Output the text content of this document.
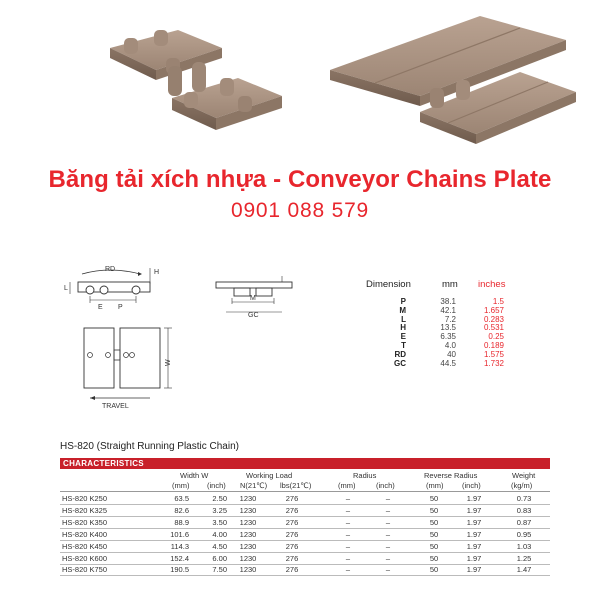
Băng tải xích nhựa - Conveyor Chains Plate
0901 088 579
RD	H
L
E P
M
GC
W
TRAVEL
Dimension	mm inches
P	38.1	1.5
M	42.1	1.657
L	7.2	0.283
H	13.5	0.531
E	6.35	0.25
T	4.0	0.189
RD	40	1.575
GC	44.5	1.732
HS-820 (Straight Running Plastic Chain)
CHARACTERISTICS
Width W
(mm) (inch)
Working Load
N(21℃) lbs(21℃)
Radius
(mm)	(inch)
Reverse Radius
(mm) (inch)
Weight
(kg/m)
HS-820 K250	63.5	2.50	1230	276	–	–	50	1.97	0.73
HS-820 K325	82.6	3.25	1230	276	–	–	50	1.97	0.83
HS-820 K350	88.9	3.50	1230	276	–	–	50	1.97	0.87
HS-820 K400	101.6	4.00	1230	276	–	–	50	1.97	0.95
HS-820 K450	114.3	4.50	1230	276	–	–	50	1.97	1.03
HS-820 K600	152.4	6.00	1230	276	–	–	50	1.97	1.25
HS-820 K750	190.5	7.50	1230	276	–	–	50	1.97	1.47
